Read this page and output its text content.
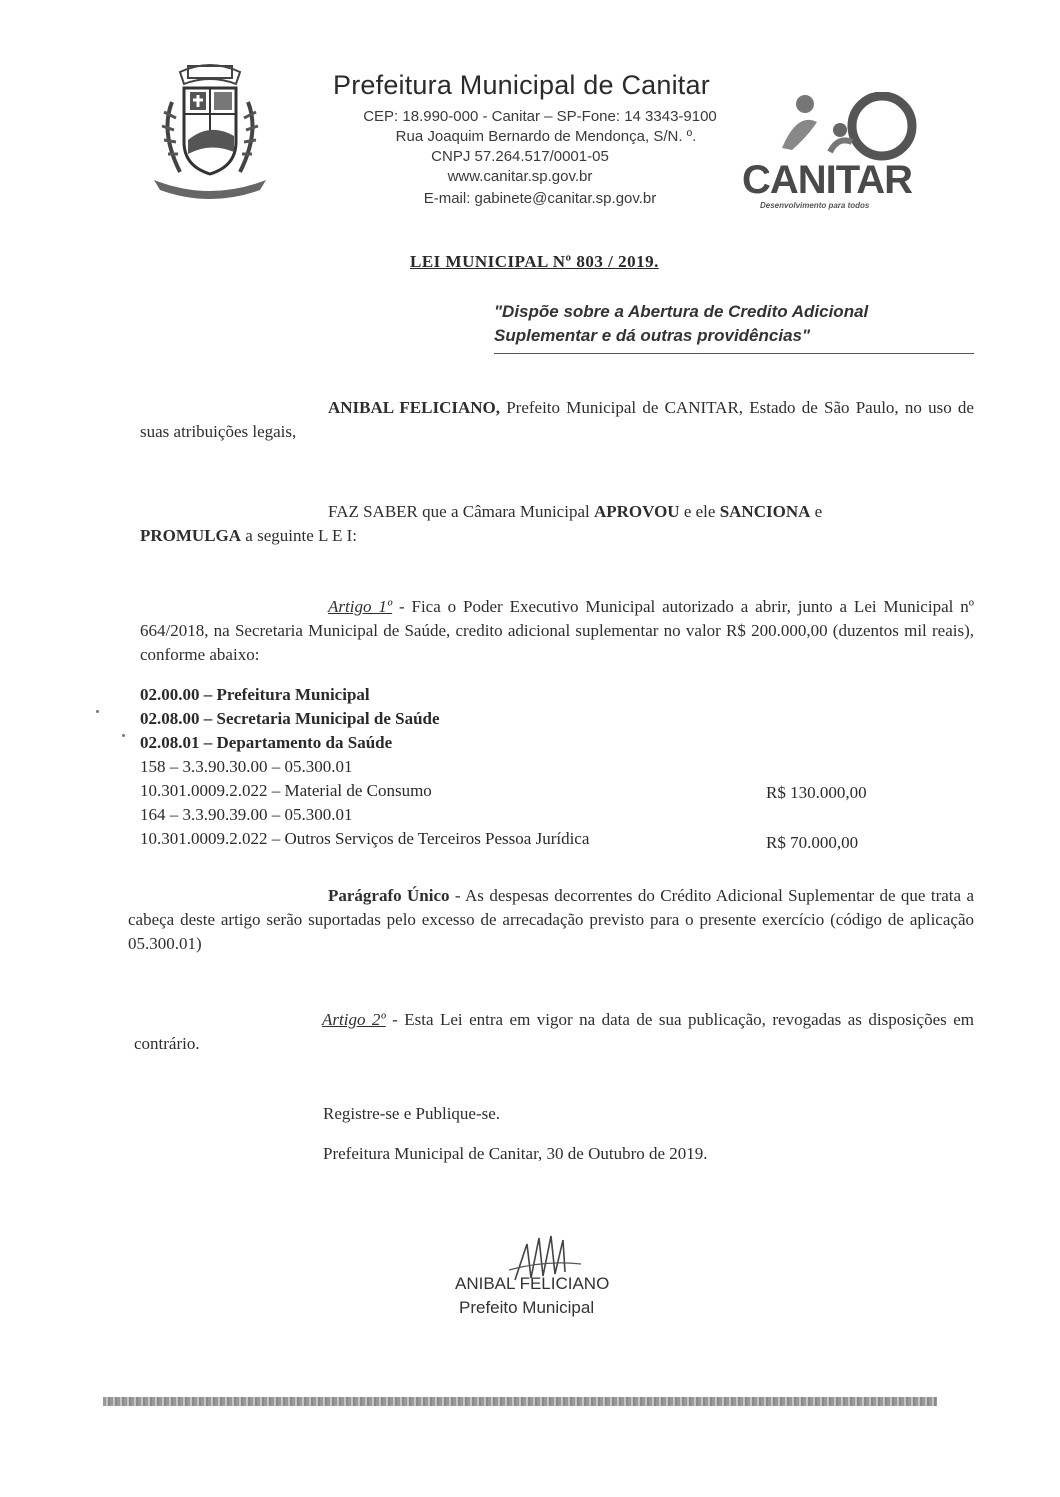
Prefeitura Municipal de Canitar
CEP: 18.990-000 - Canitar – SP-Fone: 14 3343-9100
Rua Joaquim Bernardo de Mendonça, S/N. º.
CNPJ 57.264.517/0001-05
www.canitar.sp.gov.br
E-mail: gabinete@canitar.sp.gov.br	CANITAR
Desenvolvimento para todos
LEI MUNICIPAL Nº 803 / 2019.
"Dispõe sobre a Abertura de Credito Adicional
Suplementar e dá outras providências"
ANIBAL FELICIANO, Prefeito Municipal de CANITAR, Estado de São Paulo, no uso de suas atribuições legais,
FAZ SABER que a Câmara Municipal APROVOU e ele SANCIONA e
PROMULGA a seguinte L E I:
Artigo 1º - Fica o Poder Executivo Municipal autorizado a abrir, junto a Lei Municipal nº 664/2018, na Secretaria Municipal de Saúde, credito adicional suplementar no valor R$ 200.000,00 (duzentos mil reais), conforme abaixo:
02.00.00 – Prefeitura Municipal
02.08.00 – Secretaria Municipal de Saúde
02.08.01 – Departamento da Saúde
158 – 3.3.90.30.00 – 05.300.01
10.301.0009.2.022 – Material de Consumo	R$ 130.000,00
164 – 3.3.90.39.00 – 05.300.01
10.301.0009.2.022 – Outros Serviços de Terceiros Pessoa Jurídica	R$ 70.000,00
Parágrafo Único - As despesas decorrentes do Crédito Adicional Suplementar de que trata a cabeça deste artigo serão suportadas pelo excesso de arrecadação previsto para o presente exercício (código de aplicação 05.300.01)
Artigo 2º - Esta Lei entra em vigor na data de sua publicação, revogadas as disposições em contrário.
Registre-se e Publique-se.
Prefeitura Municipal de Canitar, 30 de Outubro de 2019.
ANIBAL FELICIANO
Prefeito Municipal
